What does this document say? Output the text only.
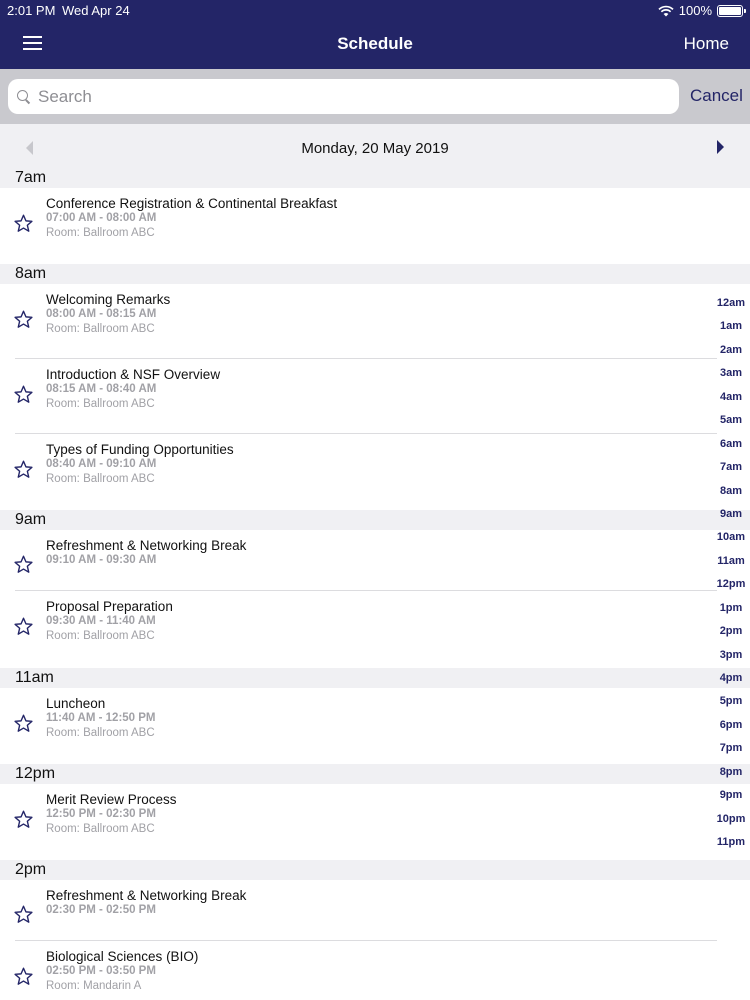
2:01 PM Wed Apr 24	100%
Schedule	Home
Search
Cancel
Monday, 20 May 2019
7am
Conference Registration & Continental Breakfast
07:00 AM - 08:00 AM
Room: Ballroom ABC
8am
Welcoming Remarks
08:00 AM - 08:15 AM
Room: Ballroom ABC
Introduction & NSF Overview
08:15 AM - 08:40 AM
Room: Ballroom ABC
Types of Funding Opportunities
08:40 AM - 09:10 AM
Room: Ballroom ABC
9am
Refreshment & Networking Break
09:10 AM - 09:30 AM
Proposal Preparation
09:30 AM - 11:40 AM
Room: Ballroom ABC
11am
Luncheon
11:40 AM - 12:50 PM
Room: Ballroom ABC
12pm
Merit Review Process
12:50 PM - 02:30 PM
Room: Ballroom ABC
2pm
Refreshment & Networking Break
02:30 PM - 02:50 PM
Biological Sciences (BIO)
02:50 PM - 03:50 PM
Room: Mandarin A
12am
1am
2am
3am
4am
5am
6am
7am
8am
9am
10am
11am
12pm
1pm
2pm
3pm
4pm
5pm
6pm
7pm
8pm
9pm
10pm
11pm
